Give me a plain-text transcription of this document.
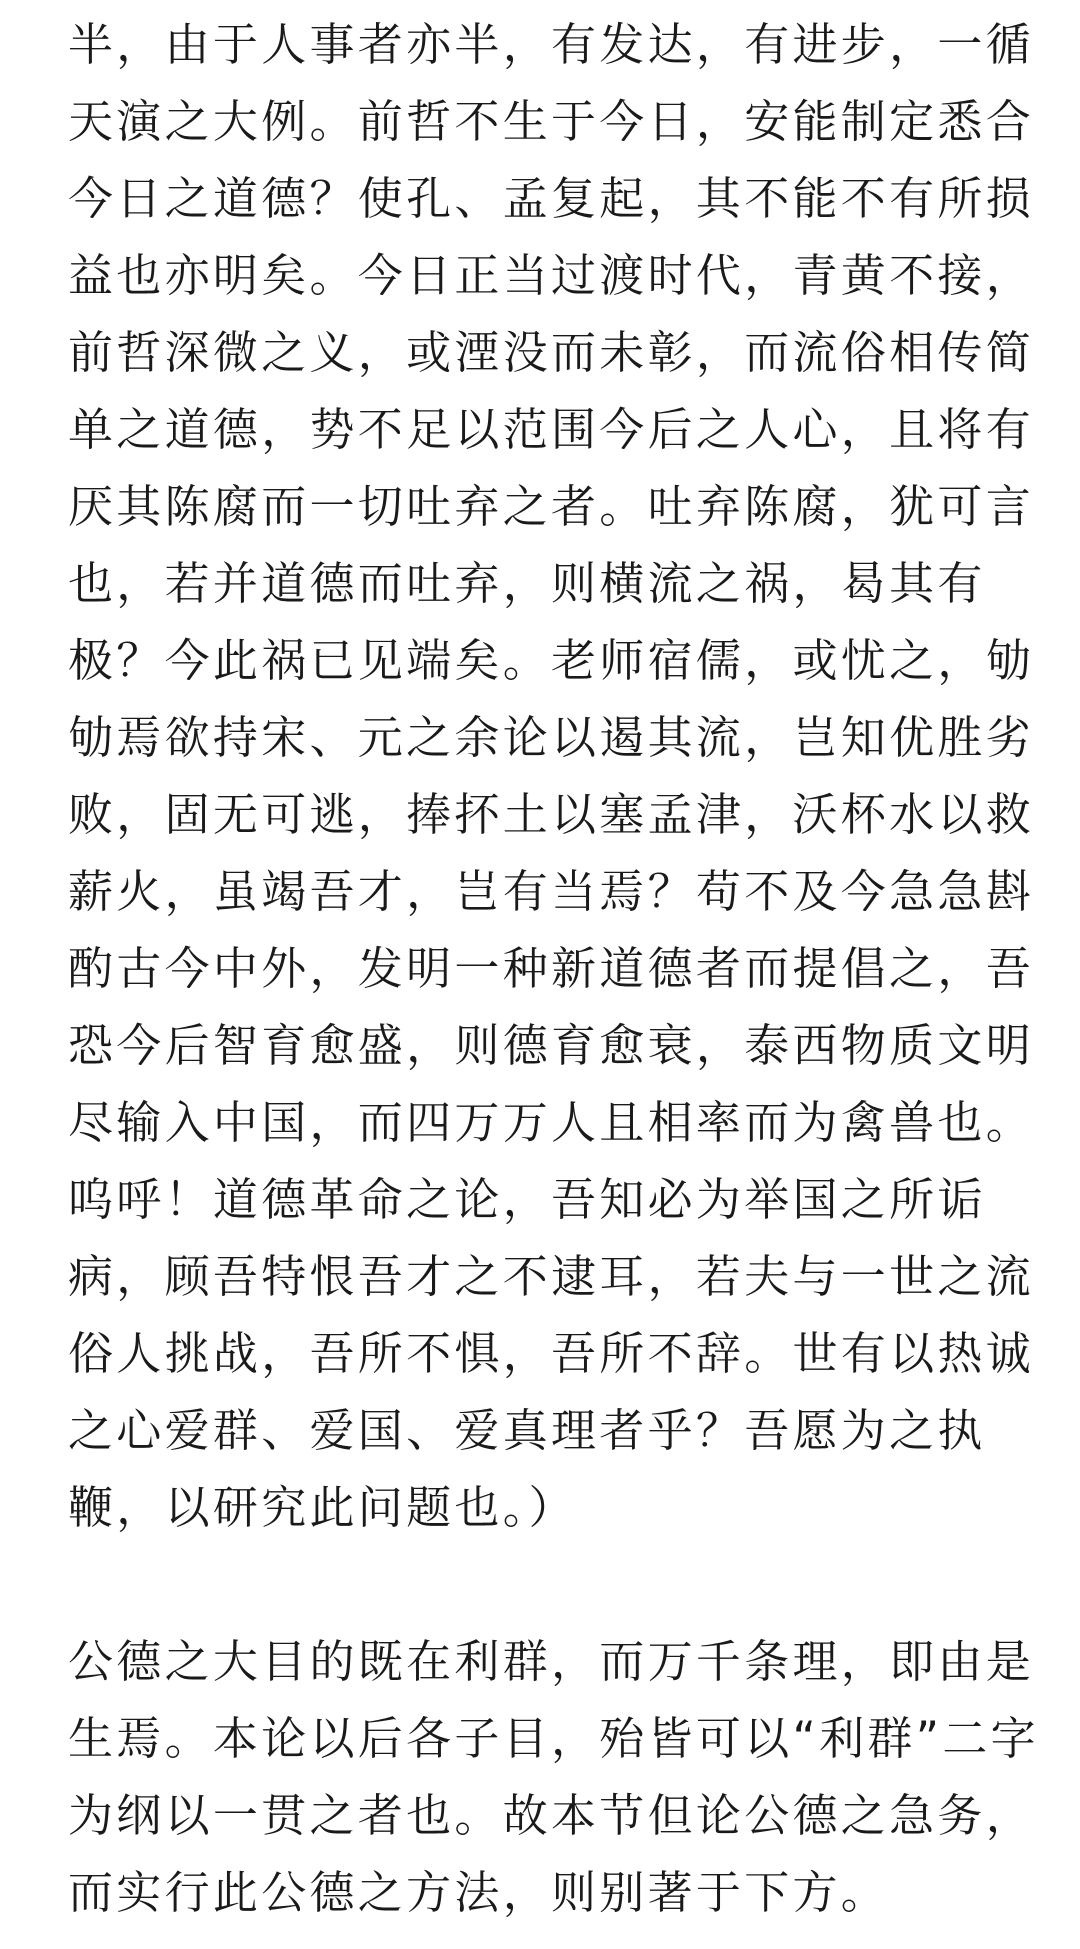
半，由于人事者亦半，有发达，有进步，一循
天演之大例。前哲不生于今日，安能制定悉合
今日之道德？使孔、孟复起，其不能不有所损
益也亦明矣。今日正当过渡时代，青黄不接，
前哲深微之义，或湮没而未彰，而流俗相传简
单之道德，势不足以范围今后之人心，且将有
厌其陈腐而一切吐弃之者。吐弃陈腐，犹可言
也，若并道德而吐弃，则横流之祸，曷其有
极？今此祸已见端矣。老师宿儒，或忧之，劬
劬焉欲持宋、元之余论以遏其流，岂知优胜劣
败，固无可逃，捧抔土以塞孟津，沃杯水以救
薪火，虽竭吾才，岂有当焉？苟不及今急急斟
酌古今中外，发明一种新道德者而提倡之，吾
恐今后智育愈盛，则德育愈衰，泰西物质文明
尽输入中国，而四万万人且相率而为禽兽也。
呜呼！道德革命之论，吾知必为举国之所诟
病，顾吾特恨吾才之不逮耳，若夫与一世之流
俗人挑战，吾所不惧，吾所不辞。世有以热诚
之心爱群、爱国、爱真理者乎？吾愿为之执
鞭，以研究此问题也。）
公德之大目的既在利群，而万千条理，即由是
生焉。本论以后各子目，殆皆可以“利群”二字
为纲以一贯之者也。故本节但论公德之急务，
而实行此公德之方法，则别著于下方。
